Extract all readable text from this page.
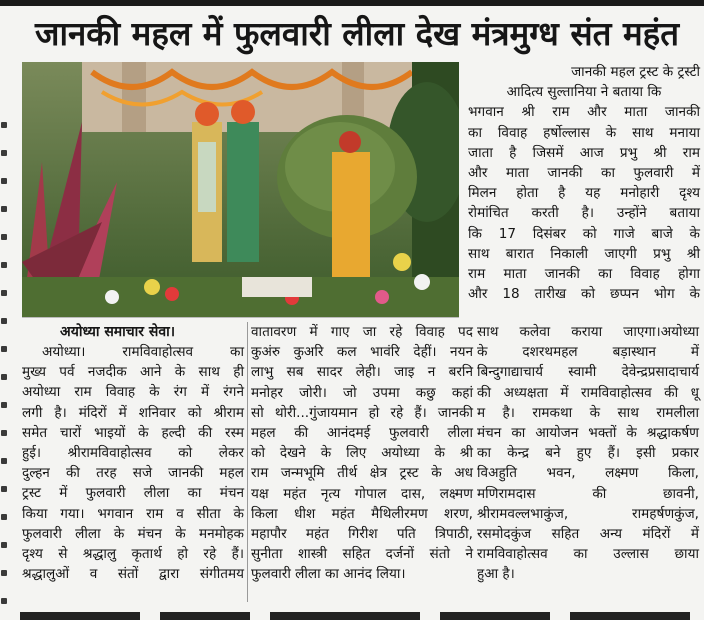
जानकी महल में फुलवारी लीला देख मंत्रमुग्ध संत महंत
जानकी महल ट्रस्ट के ट्रस्टी
आदित्य सुल्तानिया ने बताया कि
भगवान श्री राम और माता जानकी
का विवाह हर्षोल्लास के साथ मनाया
जाता है जिसमें आज प्रभु श्री राम
और माता जानकी का फुलवारी में
मिलन होता है यह मनोहारी दृश्य
रोमांचित करती है। उन्होंने बताया
कि 17 दिसंबर को गाजे बाजे के
साथ बारात निकाली जाएगी प्रभु श्री
राम माता जानकी का विवाह होगा
और 18 तारीख को छप्पन भोग के
अयोध्या समाचार सेवा।
अयोध्या। रामविवाहोत्सव का
मुख्य पर्व नजदीक आने के साथ ही
अयोध्या राम विवाह के रंग में रंगने
लगी है। मंदिरों में शनिवार को श्रीराम
समेत चारों भाइयों के हल्दी की रस्म
हुई। श्रीरामविवाहोत्सव को लेकर
दुल्हन की तरह सजे जानकी महल
ट्रस्ट में फुलवारी लीला का मंचन
किया गया। भगवान राम व सीता के
फुलवारी लीला के मंचन के मनमोहक
दृश्य से श्रद्धालु कृतार्थ हो रहे हैं।
श्रद्धालुओं व संतों द्वारा संगीतमय
वातावरण में गाए जा रहे विवाह पद
कुअंरु कुअरि कल भावंरि देहीं। नयन
लाभु सब सादर लेही। जाइ न बरनि
मनोहर जोरी। जो उपमा कछु कहां
सो थोरी...गुंजायमान हो रहे हैं। जानकी
महल की आनंदमई फुलवारी लीला
को देखने के लिए अयोध्या के श्री
राम जन्मभूमि तीर्थ क्षेत्र ट्रस्ट के अध
यक्ष महंत नृत्य गोपाल दास, लक्ष्मण
किला धीश महंत मैथिलीरमण शरण,
महापौर महंत गिरीश पति त्रिपाठी,
सुनीता शास्त्री सहित दर्जनों संतो ने
फुलवारी लीला का आनंद लिया।
साथ कलेवा कराया जाएगा।अयोध्या
के दशरथमहल बड़ास्थान में
बिन्दुगाद्याचार्य स्वामी देवेन्द्रप्रसादाचार्य
की अध्यक्षता में रामविवाहोत्सव की धू
म है। रामकथा के साथ रामलीला
मंचन का आयोजन भक्तों के श्रद्धाकर्षण
का केन्द्र बने हुए हैं। इसी प्रकार
विअहुति भवन, लक्ष्मण किला,
मणिरामदास की छावनी,
श्रीरामवल्लभाकुंज, रामहर्षणकुंज,
रसमोदकुंज सहित अन्य मंदिरों में
रामविवाहोत्सव का उल्लास छाया
हुआ है।
